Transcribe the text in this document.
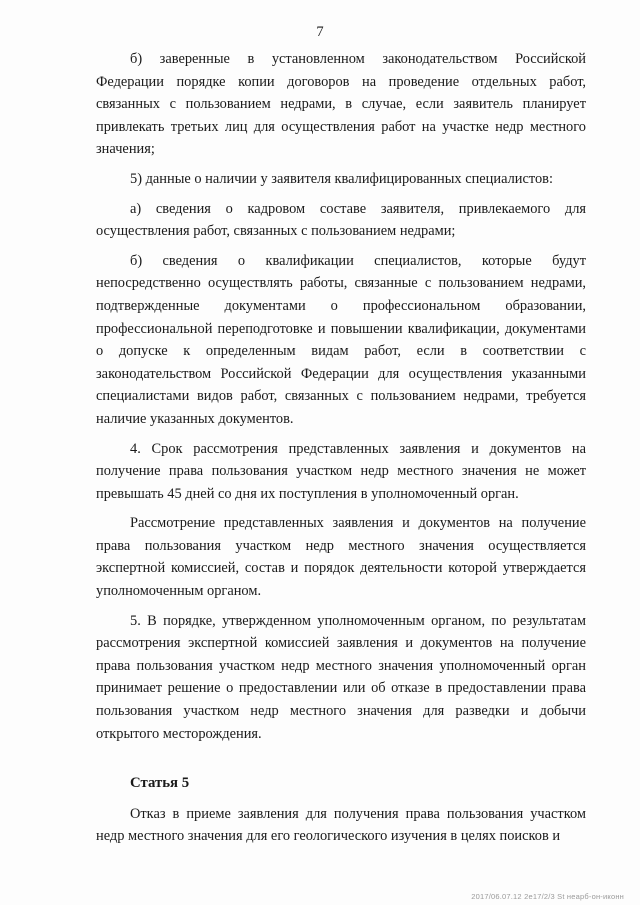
7

б) заверенные в установленном законодательством Российской Федерации порядке копии договоров на проведение отдельных работ, связанных с пользованием недрами, в случае, если заявитель планирует привлекать третьих лиц для осуществления работ на участке недр местного значения;

5) данные о наличии у заявителя квалифицированных специалистов:

а) сведения о кадровом составе заявителя, привлекаемого для осуществления работ, связанных с пользованием недрами;

б) сведения о квалификации специалистов, которые будут непосредственно осуществлять работы, связанные с пользованием недрами, подтвержденные документами о профессиональном образовании, профессиональной переподготовке и повышении квалификации, документами о допуске к определенным видам работ, если в соответствии с законодательством Российской Федерации для осуществления указанными специалистами видов работ, связанных с пользованием недрами, требуется наличие указанных документов.

4. Срок рассмотрения представленных заявления и документов на получение права пользования участком недр местного значения не может превышать 45 дней со дня их поступления в уполномоченный орган.

Рассмотрение представленных заявления и документов на получение права пользования участком недр местного значения осуществляется экспертной комиссией, состав и порядок деятельности которой утверждается уполномоченным органом.

5. В порядке, утвержденном уполномоченным органом, по результатам рассмотрения экспертной комиссией заявления и документов на получение права пользования участком недр местного значения уполномоченный орган принимает решение о предоставлении или об отказе в предоставлении права пользования участком недр местного значения для разведки и добычи открытого месторождения.

Статья 5

Отказ в приеме заявления для получения права пользования участком недр местного значения для его геологического изучения в целях поисков и

2017/06.07.12 2e17/2/3 St неарб-он-иконн
